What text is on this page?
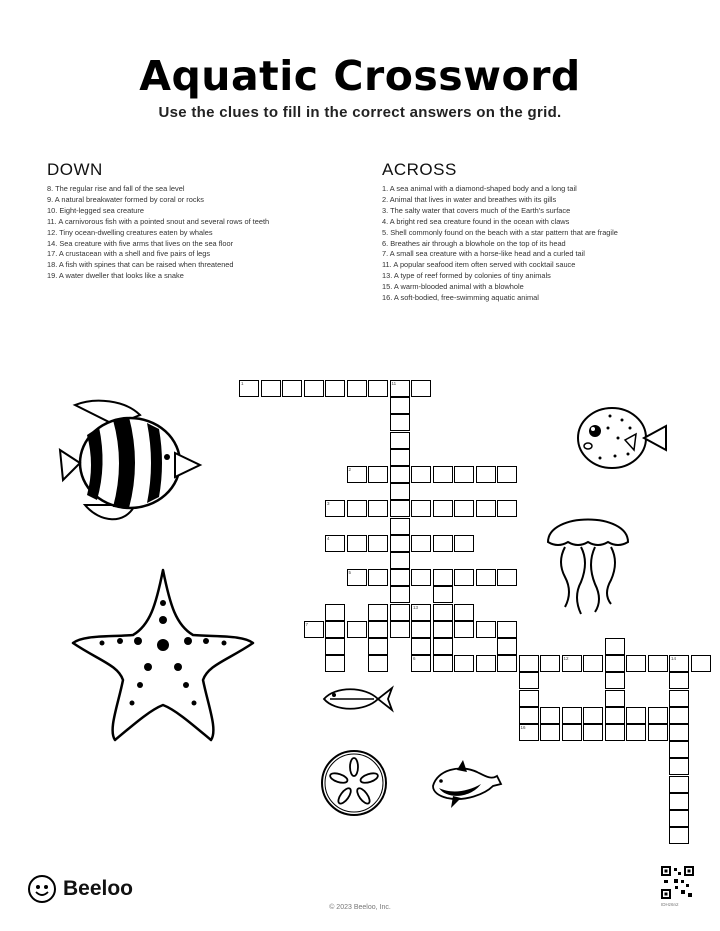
Aquatic Crossword
Use the clues to fill in the correct answers on the grid.
DOWN
8. The regular rise and fall of the sea level
9. A natural breakwater formed by coral or rocks
10. Eight-legged sea creature
11. A carnivorous fish with a pointed snout and several rows of teeth
12. Tiny ocean-dwelling creatures eaten by whales
14. Sea creature with five arms that lives on the sea floor
17. A crustacean with a shell and five pairs of legs
18. A fish with spines that can be raised when threatened
19. A water dweller that looks like a snake
ACROSS
1. A sea animal with a diamond-shaped body and a long tail
2. Animal that lives in water and breathes with its gills
3. The salty water that covers much of the Earth's surface
4. A bright red sea creature found in the ocean with claws
5. Shell commonly found on the beach with a star pattern that are fragile
6. Breathes air through a blowhole on the top of its head
7. A small sea creature with a horse-like head and a curled tail
11. A popular seafood item often served with cocktail sauce
13. A type of reef formed by colonies of tiny animals
15. A warm-blooded animal with a blowhole
16. A soft-bodied, free-swimming aquatic animal
1	11
2
3
4
5
13
6
7
12	14
16
Beeloo
© 2023 Beeloo, Inc.	IDHz6n2
